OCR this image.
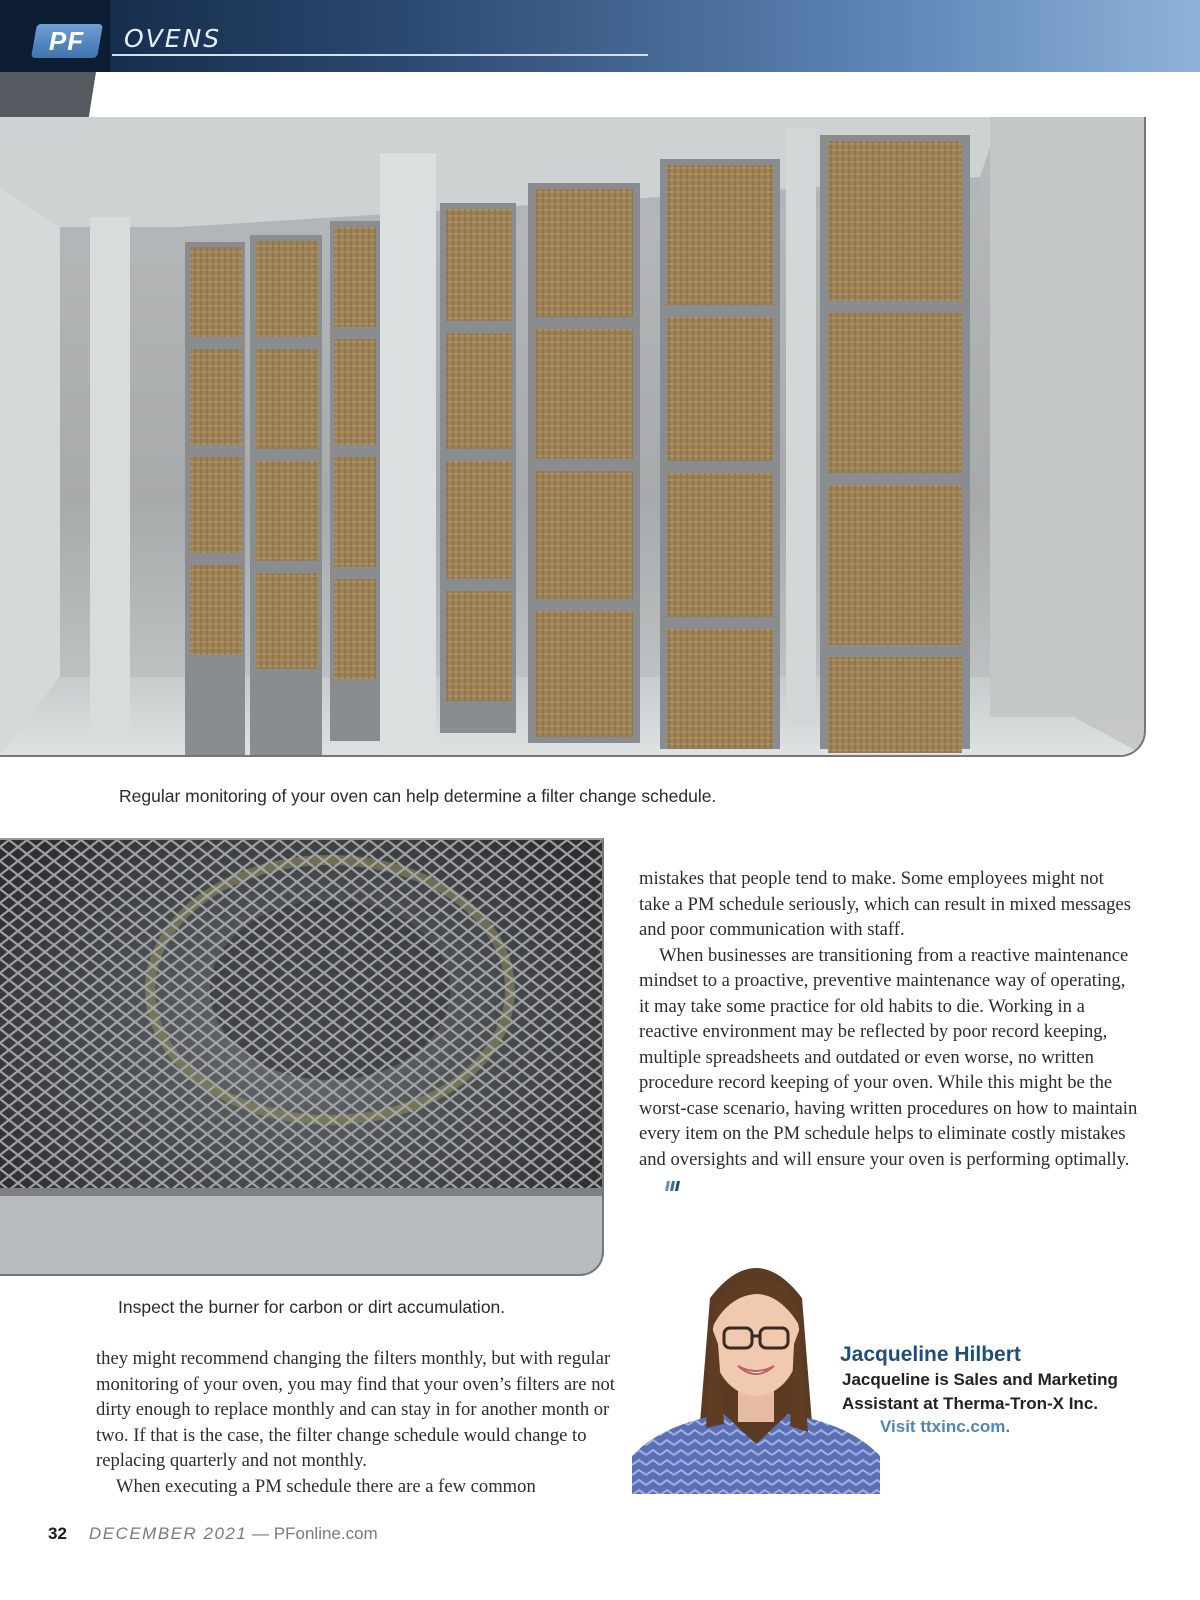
PF OVENS
Regular monitoring of your oven can help determine a filter change schedule.
Inspect the burner for carbon or dirt accumulation.

mistakes that people tend to make. Some employees might not take a PM schedule seriously, which can result in mixed messages and poor communication with staff.

When businesses are transitioning from a reactive maintenance mindset to a proactive, preventive maintenance way of operating, it may take some practice for old habits to die. Working in a reactive environment may be reflected by poor record keeping, multiple spreadsheets and outdated or even worse, no written procedure record keeping of your oven. While this might be the worst-case scenario, having written procedures on how to maintain every item on the PM schedule helps to eliminate costly mistakes and oversights and will ensure your oven is performing optimally.

they might recommend changing the filters monthly, but with regular monitoring of your oven, you may find that your oven’s filters are not dirty enough to replace monthly and can stay in for another month or two. If that is the case, the filter change schedule would change to replacing quarterly and not monthly.

When executing a PM schedule there are a few common

Jacqueline Hilbert
Jacqueline is Sales and Marketing Assistant at Therma-Tron-X Inc.
Visit ttxinc.com.
32 DECEMBER 2021 — PFonline.com
